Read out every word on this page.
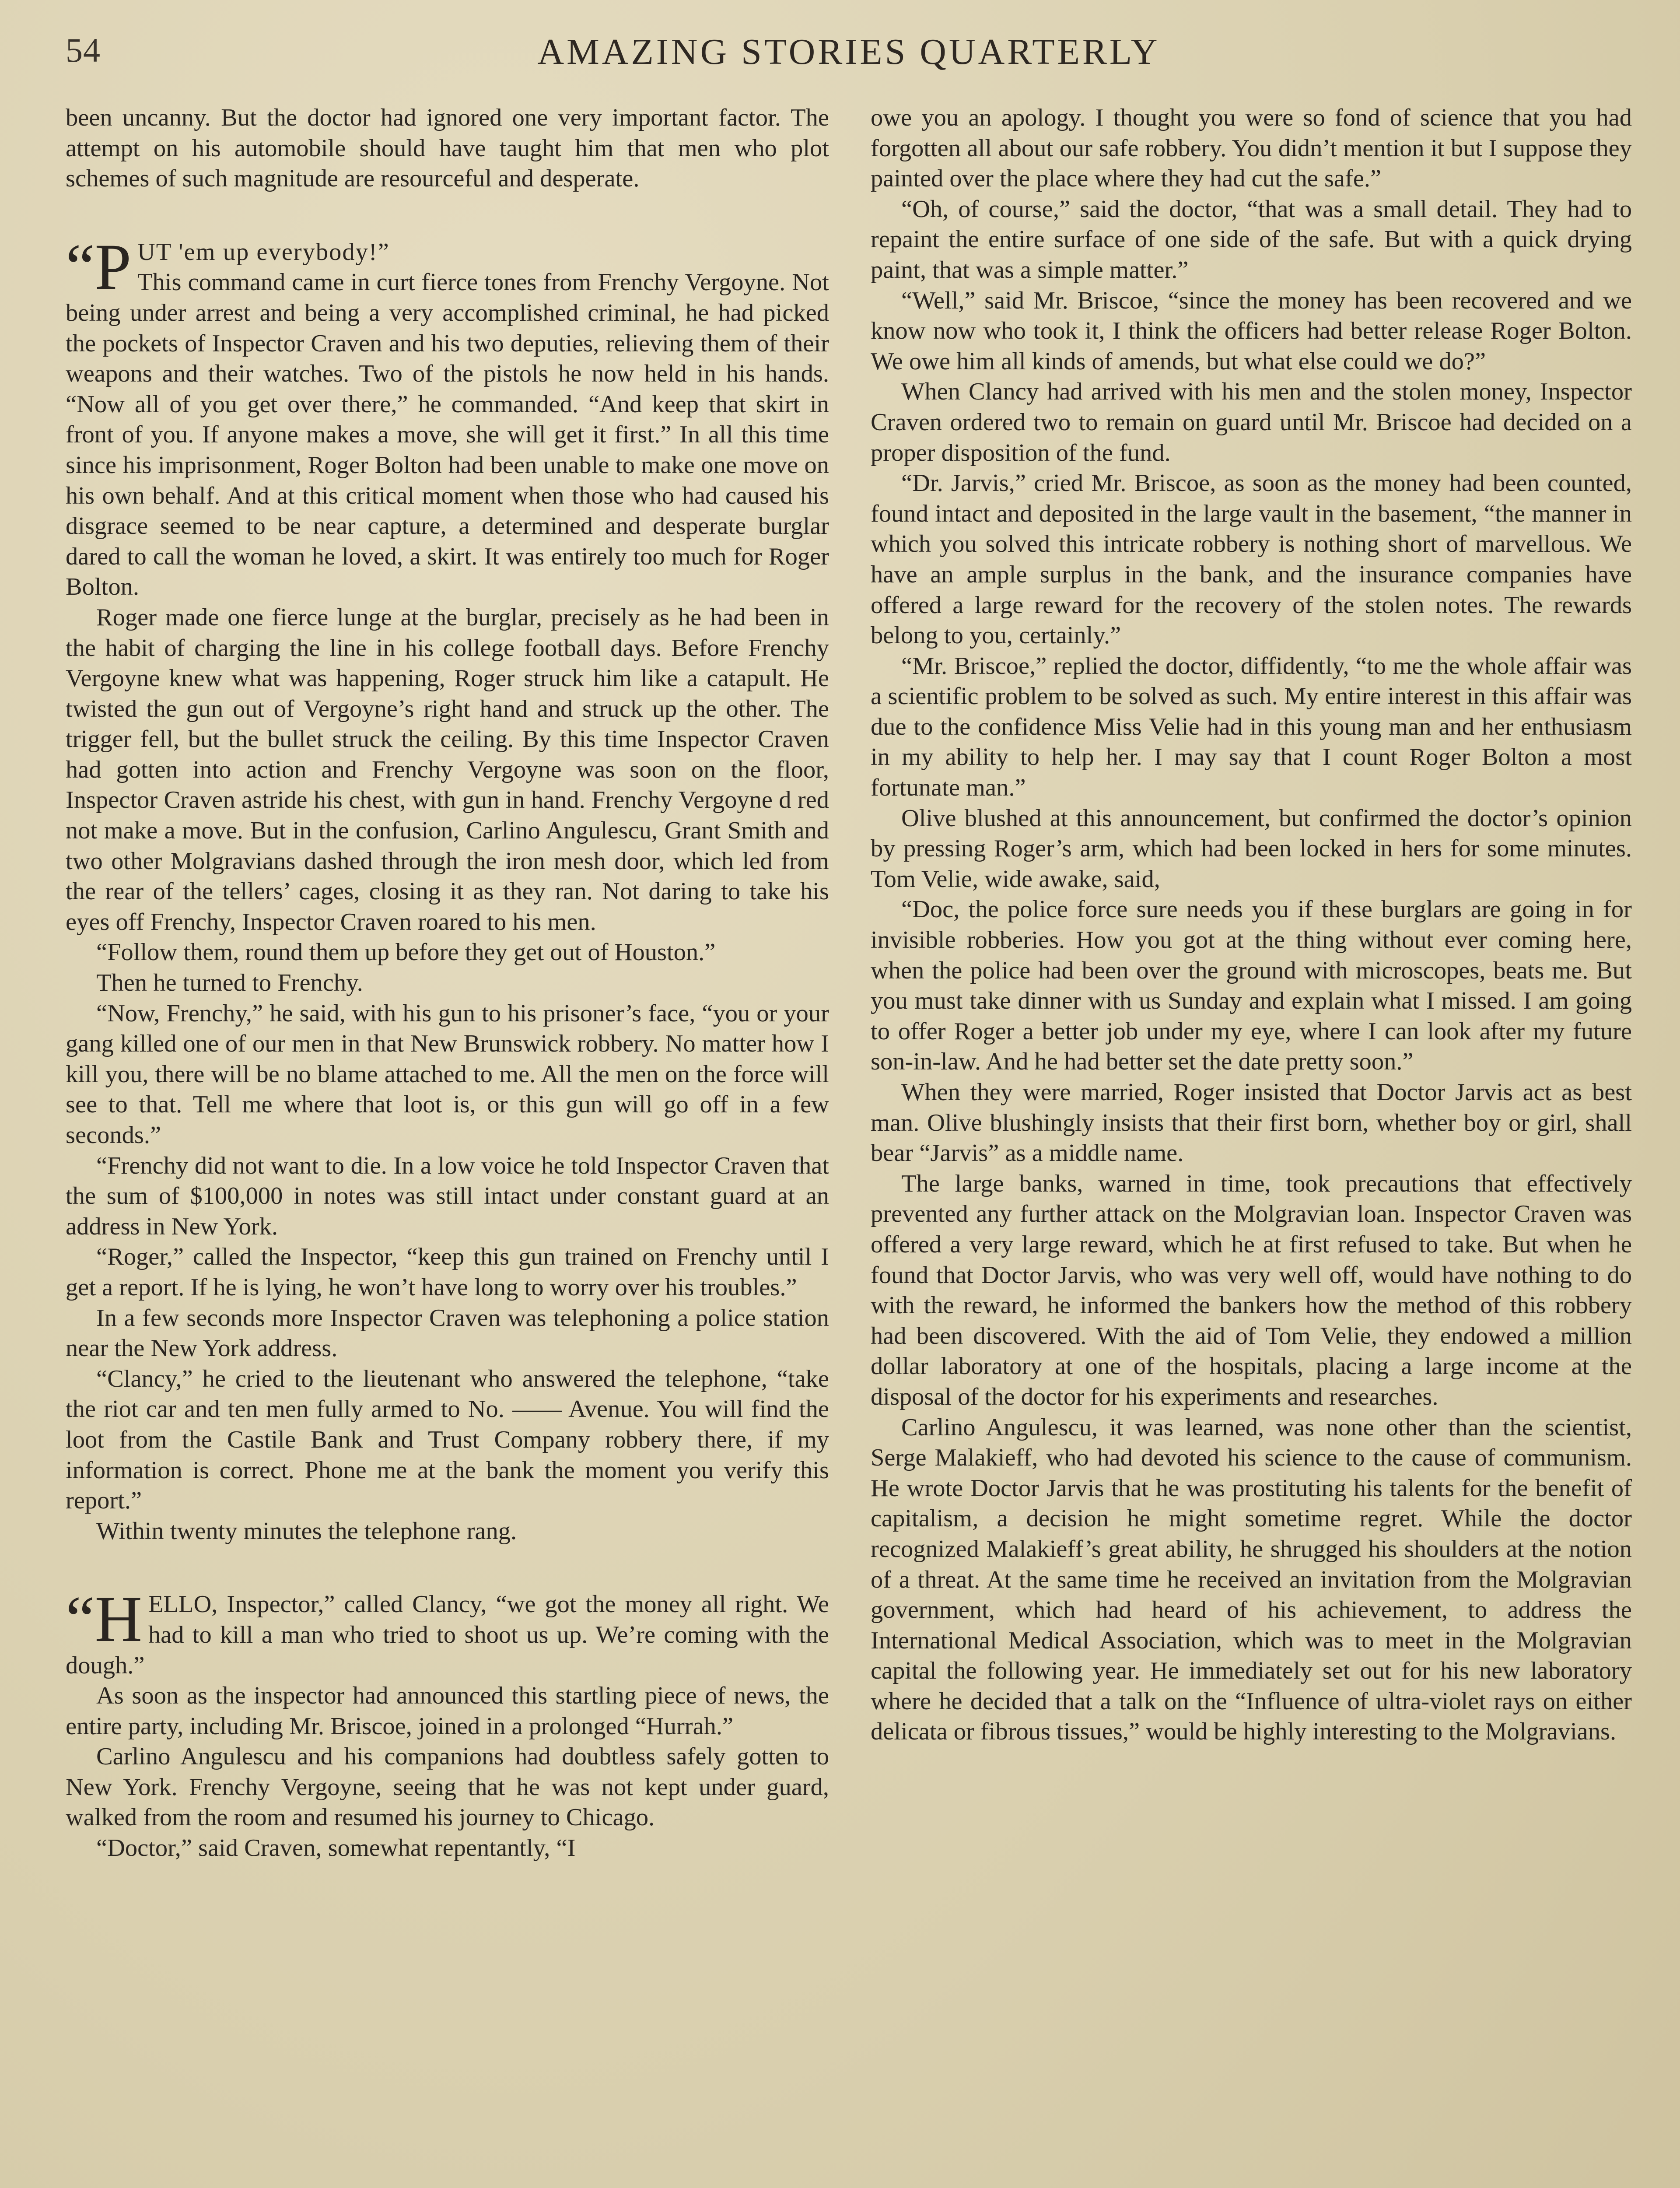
54	AMAZING STORIES QUARTERLY

been uncanny. But the doctor had ignored one very important factor. The attempt on his automobile should have taught him that men who plot schemes of such magnitude are resourceful and desperate.

“PUT 'em up everybody!”
This command came in curt fierce tones from Frenchy Vergoyne. Not being under arrest and being a very accomplished criminal, he had picked the pockets of Inspector Craven and his two deputies, relieving them of their weapons and their watches. Two of the pistols he now held in his hands. “Now all of you get over there,” he commanded. “And keep that skirt in front of you. If anyone makes a move, she will get it first.” In all this time since his imprisonment, Roger Bolton had been unable to make one move on his own behalf. And at this critical moment when those who had caused his disgrace seemed to be near capture, a determined and desperate burglar dared to call the woman he loved, a skirt. It was entirely too much for Roger Bolton.

Roger made one fierce lunge at the burglar, precisely as he had been in the habit of charging the line in his college football days. Before Frenchy Vergoyne knew what was happening, Roger struck him like a catapult. He twisted the gun out of Vergoyne’s right hand and struck up the other. The trigger fell, but the bullet struck the ceiling. By this time Inspector Craven had gotten into action and Frenchy Vergoyne was soon on the floor, Inspector Craven astride his chest, with gun in hand. Frenchy Vergoyne d red not make a move. But in the confusion, Carlino Angulescu, Grant Smith and two other Molgravians dashed through the iron mesh door, which led from the rear of the tellers’ cages, closing it as they ran. Not daring to take his eyes off Frenchy, Inspector Craven roared to his men.

“Follow them, round them up before they get out of Houston.”

Then he turned to Frenchy.

“Now, Frenchy,” he said, with his gun to his prisoner’s face, “you or your gang killed one of our men in that New Brunswick robbery. No matter how I kill you, there will be no blame attached to me. All the men on the force will see to that. Tell me where that loot is, or this gun will go off in a few seconds.”

“Frenchy did not want to die. In a low voice he told Inspector Craven that the sum of $100,000 in notes was still intact under constant guard at an address in New York.

“Roger,” called the Inspector, “keep this gun trained on Frenchy until I get a report. If he is lying, he won’t have long to worry over his troubles.”

In a few seconds more Inspector Craven was telephoning a police station near the New York address.

“Clancy,” he cried to the lieutenant who answered the telephone, “take the riot car and ten men fully armed to No. —— Avenue. You will find the loot from the Castile Bank and Trust Company robbery there, if my information is correct. Phone me at the bank the moment you verify this report.”

Within twenty minutes the telephone rang.

“HELLO, Inspector,” called Clancy, “we got the money all right. We had to kill a man who tried to shoot us up. We’re coming with the dough.”

As soon as the inspector had announced this startling piece of news, the entire party, including Mr. Briscoe, joined in a prolonged “Hurrah.”

Carlino Angulescu and his companions had doubtless safely gotten to New York. Frenchy Vergoyne, seeing that he was not kept under guard, walked from the room and resumed his journey to Chicago.

“Doctor,” said Craven, somewhat repentantly, “I

owe you an apology. I thought you were so fond of science that you had forgotten all about our safe robbery. You didn’t mention it but I suppose they painted over the place where they had cut the safe.”

“Oh, of course,” said the doctor, “that was a small detail. They had to repaint the entire surface of one side of the safe. But with a quick drying paint, that was a simple matter.”

“Well,” said Mr. Briscoe, “since the money has been recovered and we know now who took it, I think the officers had better release Roger Bolton. We owe him all kinds of amends, but what else could we do?”

When Clancy had arrived with his men and the stolen money, Inspector Craven ordered two to remain on guard until Mr. Briscoe had decided on a proper disposition of the fund.

“Dr. Jarvis,” cried Mr. Briscoe, as soon as the money had been counted, found intact and deposited in the large vault in the basement, “the manner in which you solved this intricate robbery is nothing short of marvellous. We have an ample surplus in the bank, and the insurance companies have offered a large reward for the recovery of the stolen notes. The rewards belong to you, certainly.”

“Mr. Briscoe,” replied the doctor, diffidently, “to me the whole affair was a scientific problem to be solved as such. My entire interest in this affair was due to the confidence Miss Velie had in this young man and her enthusiasm in my ability to help her. I may say that I count Roger Bolton a most fortunate man.”

Olive blushed at this announcement, but confirmed the doctor’s opinion by pressing Roger’s arm, which had been locked in hers for some minutes. Tom Velie, wide awake, said,

“Doc, the police force sure needs you if these burglars are going in for invisible robberies. How you got at the thing without ever coming here, when the police had been over the ground with microscopes, beats me. But you must take dinner with us Sunday and explain what I missed. I am going to offer Roger a better job under my eye, where I can look after my future son-in-law. And he had better set the date pretty soon.”

When they were married, Roger insisted that Doctor Jarvis act as best man. Olive blushingly insists that their first born, whether boy or girl, shall bear “Jarvis” as a middle name.

The large banks, warned in time, took precautions that effectively prevented any further attack on the Molgravian loan. Inspector Craven was offered a very large reward, which he at first refused to take. But when he found that Doctor Jarvis, who was very well off, would have nothing to do with the reward, he informed the bankers how the method of this robbery had been discovered. With the aid of Tom Velie, they endowed a million dollar laboratory at one of the hospitals, placing a large income at the disposal of the doctor for his experiments and researches.

Carlino Angulescu, it was learned, was none other than the scientist, Serge Malakieff, who had devoted his science to the cause of communism. He wrote Doctor Jarvis that he was prostituting his talents for the benefit of capitalism, a decision he might sometime regret. While the doctor recognized Malakieff’s great ability, he shrugged his shoulders at the notion of a threat. At the same time he received an invitation from the Molgravian government, which had heard of his achievement, to address the International Medical Association, which was to meet in the Molgravian capital the following year. He immediately set out for his new laboratory where he decided that a talk on the “Influence of ultra-violet rays on either delicata or fibrous tissues,” would be highly interesting to the Molgravians.
